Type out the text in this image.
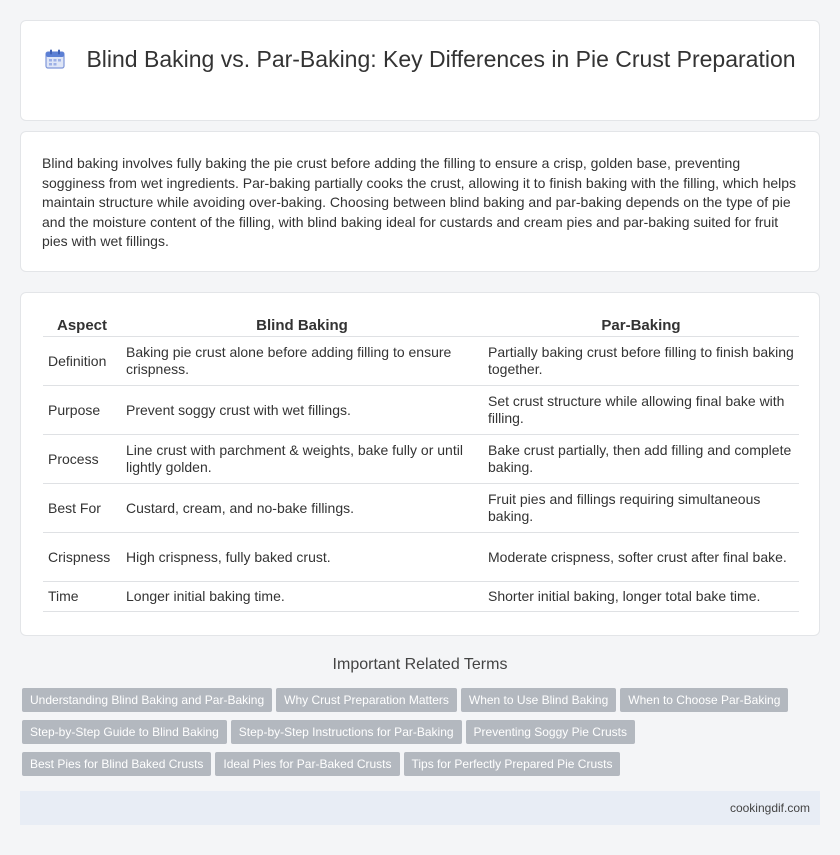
Blind Baking vs. Par-Baking: Key Differences in Pie Crust Preparation
Blind baking involves fully baking the pie crust before adding the filling to ensure a crisp, golden base, preventing sogginess from wet ingredients. Par-baking partially cooks the crust, allowing it to finish baking with the filling, which helps maintain structure while avoiding over-baking. Choosing between blind baking and par-baking depends on the type of pie and the moisture content of the filling, with blind baking ideal for custards and cream pies and par-baking suited for fruit pies with wet fillings.
Aspect	Blind Baking	Par-Baking
Definition	Baking pie crust alone before adding filling to ensure crispness.	Partially baking crust before filling to finish baking together.
Purpose	Prevent soggy crust with wet fillings.	Set crust structure while allowing final bake with filling.
Process	Line crust with parchment & weights, bake fully or until lightly golden.	Bake crust partially, then add filling and complete baking.
Best For	Custard, cream, and no-bake fillings.	Fruit pies and fillings requiring simultaneous baking.
Crispness	High crispness, fully baked crust.	Moderate crispness, softer crust after final bake.
Time	Longer initial baking time.	Shorter initial baking, longer total bake time.
Important Related Terms
Understanding Blind Baking and Par-Baking Why Crust Preparation Matters When to Use Blind Baking When to Choose Par-Baking
Step-by-Step Guide to Blind Baking Step-by-Step Instructions for Par-Baking Preventing Soggy Pie Crusts
Best Pies for Blind Baked Crusts Ideal Pies for Par-Baked Crusts Tips for Perfectly Prepared Pie Crusts
cookingdif.com
